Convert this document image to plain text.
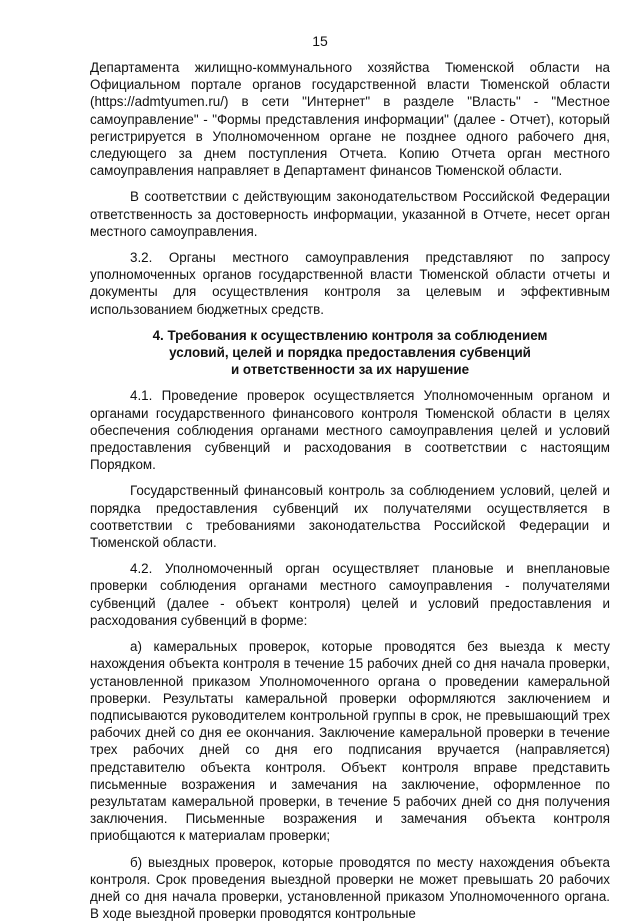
15

Департамента жилищно-коммунального хозяйства Тюменской области на Официальном портале органов государственной власти Тюменской области (https://admtyumen.ru/) в сети "Интернет" в разделе "Власть" - "Местное самоуправление" - "Формы представления информации" (далее - Отчет), который регистрируется в Уполномоченном органе не позднее одного рабочего дня, следующего за днем поступления Отчета. Копию Отчета орган местного самоуправления направляет в Департамент финансов Тюменской области.

В соответствии с действующим законодательством Российской Федерации ответственность за достоверность информации, указанной в Отчете, несет орган местного самоуправления.

3.2. Органы местного самоуправления представляют по запросу уполномоченных органов государственной власти Тюменской области отчеты и документы для осуществления контроля за целевым и эффективным использованием бюджетных средств.

4. Требования к осуществлению контроля за соблюдением
условий, целей и порядка предоставления субвенций
и ответственности за их нарушение

4.1. Проведение проверок осуществляется Уполномоченным органом и органами государственного финансового контроля Тюменской области в целях обеспечения соблюдения органами местного самоуправления целей и условий предоставления субвенций и расходования в соответствии с настоящим Порядком.

Государственный финансовый контроль за соблюдением условий, целей и порядка предоставления субвенций их получателями осуществляется в соответствии с требованиями законодательства Российской Федерации и Тюменской области.

4.2. Уполномоченный орган осуществляет плановые и внеплановые проверки соблюдения органами местного самоуправления - получателями субвенций (далее - объект контроля) целей и условий предоставления и расходования субвенций в форме:

а) камеральных проверок, которые проводятся без выезда к месту нахождения объекта контроля в течение 15 рабочих дней со дня начала проверки, установленной приказом Уполномоченного органа о проведении камеральной проверки. Результаты камеральной проверки оформляются заключением и подписываются руководителем контрольной группы в срок, не превышающий трех рабочих дней со дня ее окончания. Заключение камеральной проверки в течение трех рабочих дней со дня его подписания вручается (направляется) представителю объекта контроля. Объект контроля вправе представить письменные возражения и замечания на заключение, оформленное по результатам камеральной проверки, в течение 5 рабочих дней со дня получения заключения. Письменные возражения и замечания объекта контроля приобщаются к материалам проверки;

б) выездных проверок, которые проводятся по месту нахождения объекта контроля. Срок проведения выездной проверки не может превышать 20 рабочих дней со дня начала проверки, установленной приказом Уполномоченного органа. В ходе выездной проверки проводятся контрольные
